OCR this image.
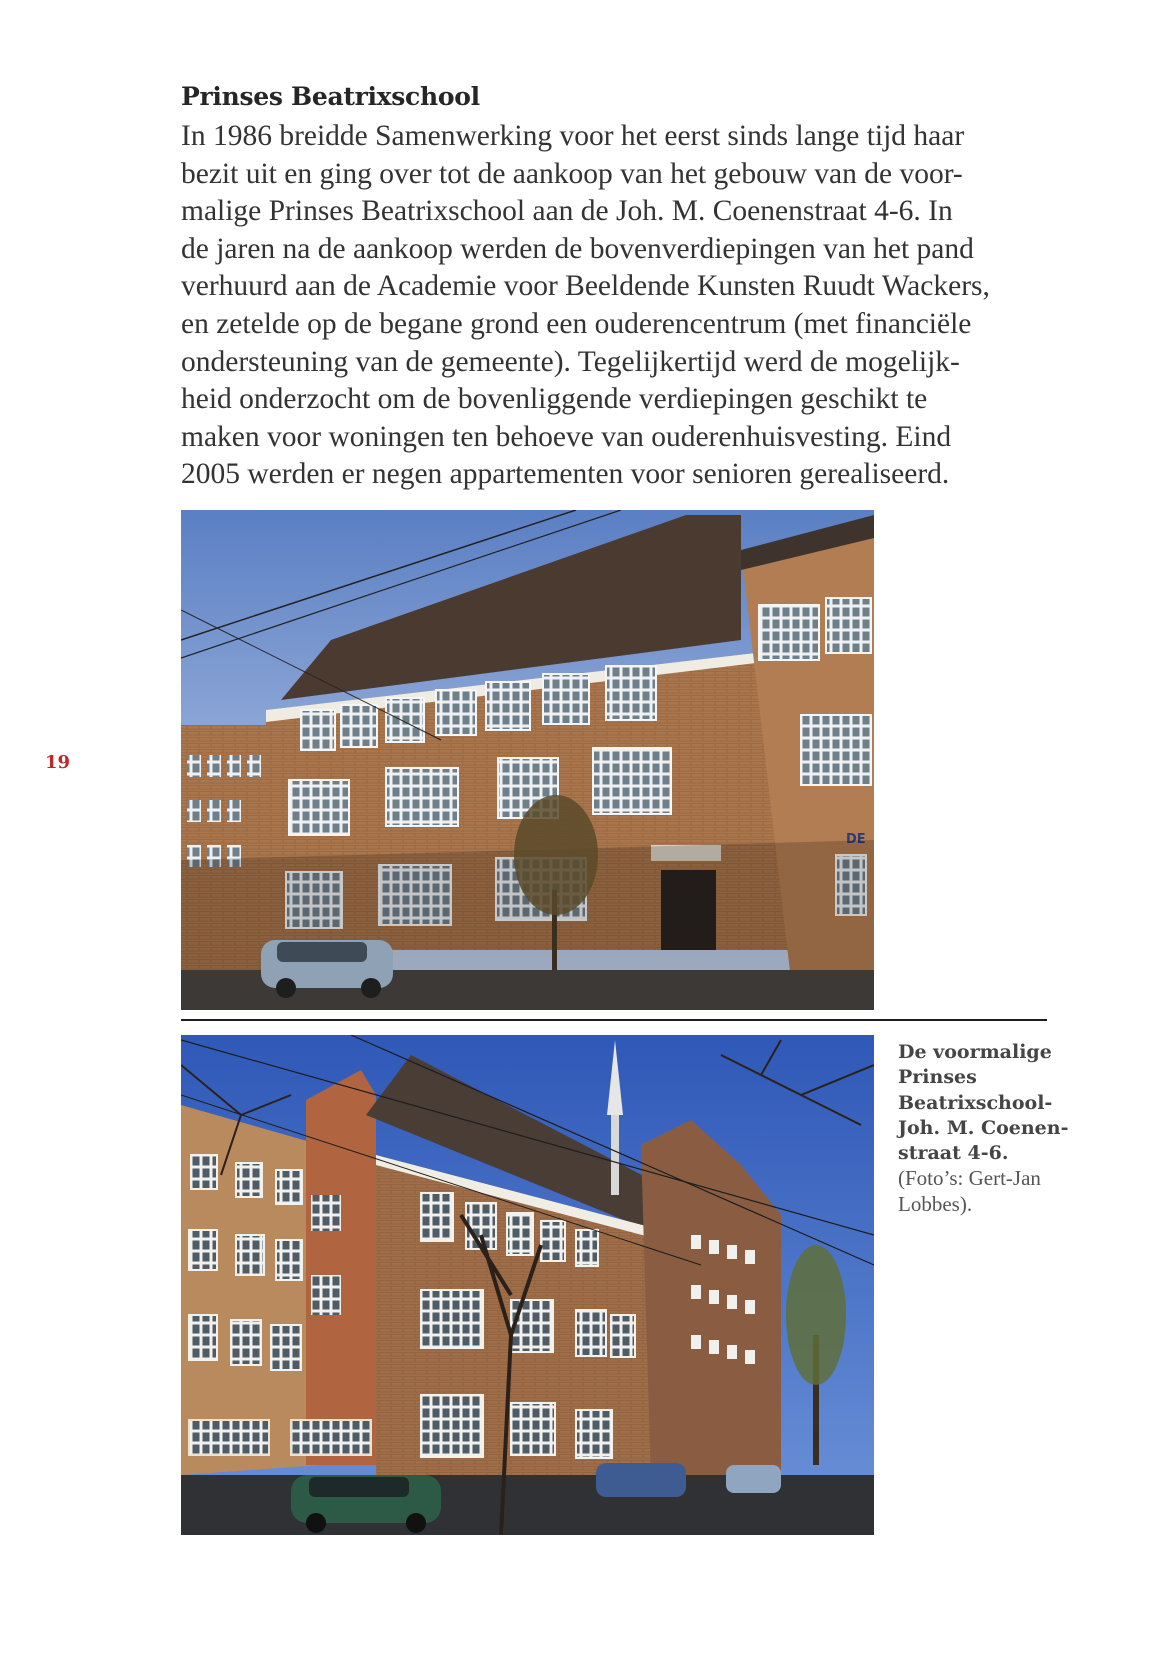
Prinses Beatrixschool

In 1986 breidde Samenwerking voor het eerst sinds lange tijd haar
bezit uit en ging over tot de aankoop van het gebouw van de voor-
malige Prinses Beatrixschool aan de Joh. M. Coenenstraat 4-6. In
de jaren na de aankoop werden de bovenverdiepingen van het pand
verhuurd aan de Academie voor Beeldende Kunsten Ruudt Wackers,
en zetelde op de begane grond een ouderencentrum (met financiële
ondersteuning van de gemeente). Tegelijkertijd werd de mogelijk-
heid onderzocht om de bovenliggende verdiepingen geschikt te
maken voor woningen ten behoeve van ouderenhuisvesting. Eind
2005 werden er negen appartementen voor senioren gerealiseerd.

19
DE
De voormalige
Prinses
Beatrixschool-
Joh. M. Coenen-
straat 4-6.
(Foto’s: Gert-Jan
Lobbes).
